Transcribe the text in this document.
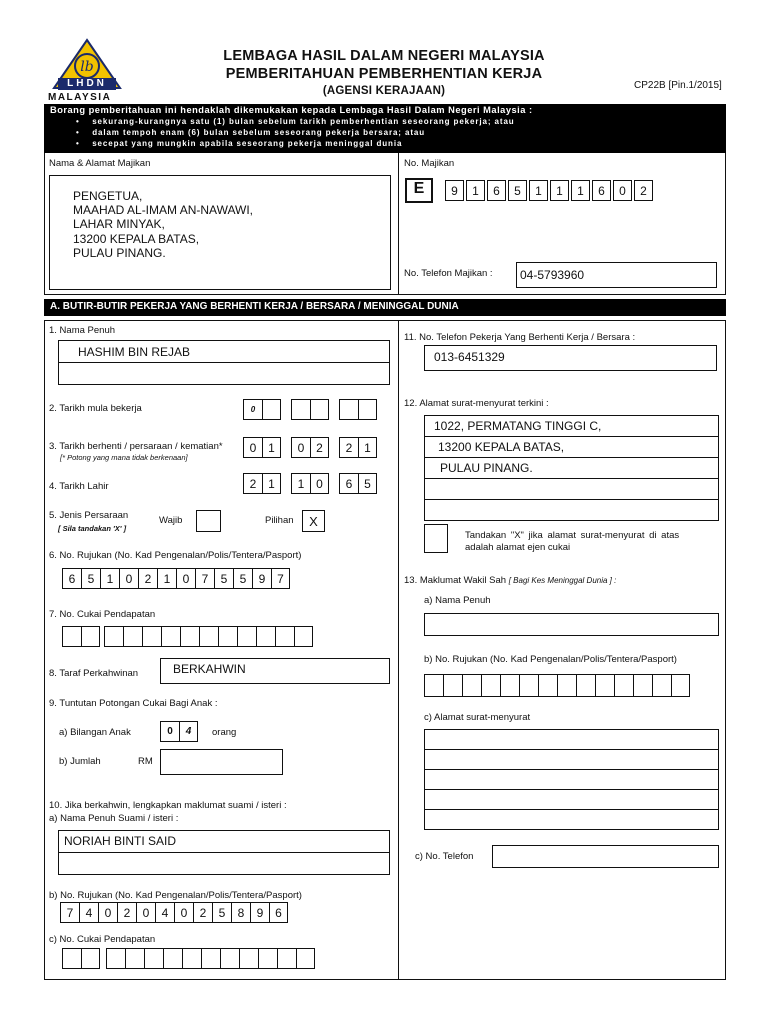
lb
LHDN
MALAYSIA
LEMBAGA HASIL DALAM NEGERI MALAYSIA
PEMBERITAHUAN PEMBERHENTIAN KERJA
(AGENSI KERAJAAN)	CP22B [Pin.1/2015]
Borang pemberitahuan ini hendaklah dikemukakan kepada Lembaga Hasil Dalam Negeri Malaysia :
•    sekurang-kurangnya satu (1) bulan sebelum tarikh pemberhentian seseorang pekerja; atau
•    dalam tempoh enam (6) bulan sebelum seseorang pekerja bersara; atau
•    secepat yang mungkin apabila seseorang pekerja meninggal dunia
Nama & Alamat Majikan
PENGETUA,
MAAHAD AL-IMAM AN-NAWAWI,
LAHAR MINYAK,
13200 KEPALA BATAS,
PULAU PINANG.
No. Majikan
E	9	1	6	5	1	1	1	6	0	2
No. Telefon Majikan : 04-5793960
A. BUTIR-BUTIR PEKERJA YANG BERHENTI KERJA / BERSARA / MENINGGAL DUNIA
1. Nama Penuh
HASHIM BIN REJAB
2. Tarikh mula bekerja	0
3. Tarikh berhenti / persaraan / kematian*
[* Potong yang mana tidak berkenaan]
0 1	0 2	2 1
4. Tarikh Lahir	2 1	1 0	6 5
5. Jenis Persaraan
[ Sila tandakan 'X' ]
Wajib	Pilihan	X
6. No. Rujukan (No. Kad Pengenalan/Polis/Tentera/Pasport)
6	5	1	0	2	1	0	7	5	5	9 7
7. No. Cukai Pendapatan
8. Taraf Perkahwinan	BERKAHWIN
9. Tuntutan Potongan Cukai Bagi Anak :
a) Bilangan Anak	0	4	orang
b) Jumlah	RM
10. Jika berkahwin, lengkapkan maklumat suami / isteri :
a) Nama Penuh Suami / isteri :
NORIAH BINTI SAID
b) No. Rujukan (No. Kad Pengenalan/Polis/Tentera/Pasport)
7	4	0	2	0	4	0	2	5	8	9 6
c) No. Cukai Pendapatan
11. No. Telefon Pekerja Yang Berhenti Kerja / Bersara :
013-6451329
12. Alamat surat-menyurat terkini :
1022, PERMATANG TINGGI C,
13200 KEPALA BATAS,
PULAU PINANG.
Tandakan "X" jika alamat surat-menyurat di atas
adalah alamat ejen cukai
13. Maklumat Wakil Sah [ Bagi Kes Meninggal Dunia ] :
a) Nama Penuh
b) No. Rujukan (No. Kad Pengenalan/Polis/Tentera/Pasport)
c) Alamat surat-menyurat
c) No. Telefon
